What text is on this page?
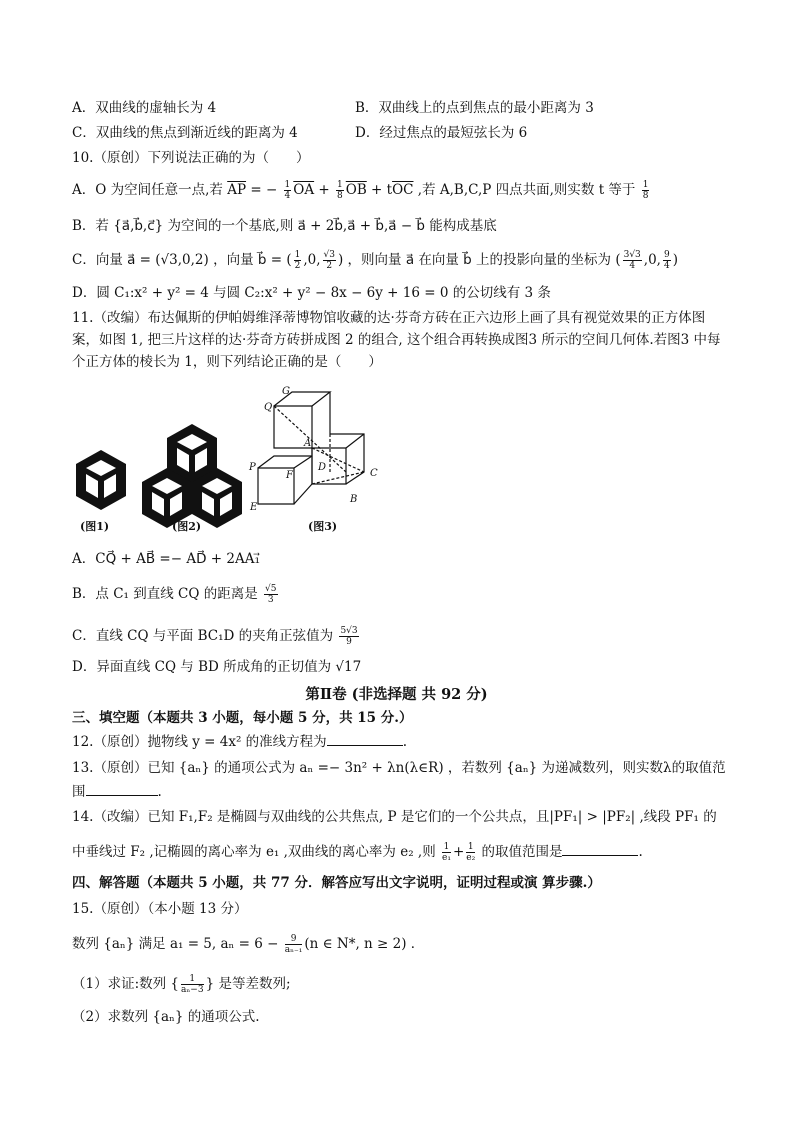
A．双曲线的虚轴长为 4	B．双曲线上的点到焦点的最小距离为 3
C．双曲线的焦点到渐近线的距离为 4	D．经过焦点的最短弦长为 6
10.（原创）下列说法正确的为（　　）
A．O 为空间任意一点,若 $\overline{AP}$ = − $\frac{1}{4} \overline{OA} + \frac{1}{8} \overline{OB} + t\overline{OC}$ ,若 A,B,C,P 四点共面,则实数 t 等于 $\frac{1}{8}$
B．若 {a⃗,b⃗,c⃗} 为空间的一个基底,则 a⃗ + 2b⃗,a⃗ + b⃗,a⃗ − b⃗ 能构成基底
C．向量 a⃗ = (√3,0,2) ，向量 b⃗ = ( $\frac{1}{2} ,0$, $\frac{√3}{2}$ ) ，则向量 a⃗ 在向量 b⃗ 上的投影向量的坐标为 ( $\frac{3√3}{4} ,0$, $\frac{9}{4}$ )
D．圆 C₁:x² + y² = 4 与圆 C₂:x² + y² − 8x − 6y + 16 = 0 的公切线有 3 条
11.（改编）布达佩斯的伊帕姆维泽蒂博物馆收藏的达·芬奇方砖在正六边形上画了具有视觉效果的正方体图案，如图 1, 把三片这样的达·芬奇方砖拼成图 2 的组合, 这个组合再转换成图3 所示的空间几何体.若图3 中每个正方体的棱长为 1，则下列结论正确的是（　　）
G
Q
A
D
B
C
P
F
E
(图1)	(图2)	(图3)
A．CQ⃗ + AB⃗ =− AD⃗ + 2AA₁⃗
B．点 C₁ 到直线 CQ 的距离是 $\frac{√5}{3}$
C．直线 CQ 与平面 BC₁D 的夹角正弦值为 $\frac{5√3}{9}$
D．异面直线 CQ 与 BD 所成角的正切值为 √17
第Ⅱ卷 (非选择题 共 92 分)
三、填空题（本题共 3 小题，每小题 5 分，共 15 分.）
12.（原创）抛物线 y = 4x² 的准线方程为	.
13.（原创）已知 {aₙ} 的通项公式为 aₙ =− 3n² + λn(λ∈R) ，若数列 {aₙ} 为递减数列，则实数λ的取值范
围	.
14.（改编）已知 F₁,F₂ 是椭圆与双曲线的公共焦点, P 是它们的一个公共点，且|PF₁| > |PF₂| ,线段 PF₁ 的
中垂线过 F₂ ,记椭圆的离心率为 e₁ ,双曲线的离心率为 e₂ ,则 $\frac{1}{\text{e₁}} + \frac{1}{\text{e₂}}$ 的取值范围是	.
四、解答题（本题共 5 小题，共 77 分．解答应写出文字说明，证明过程或演 算步骤.）
15.（原创）（本小题 13 分）
数列 {aₙ} 满足 a₁ = 5, $a_n = 6 - \frac{9}{\text{aₙ₋₁}} (n$ ∈ N*, n ≥ 2) ．
（1）求证:数列 { $\frac{1}{\text{aₙ−3}}$ } 是等差数列;
（2）求数列 {aₙ} 的通项公式.
